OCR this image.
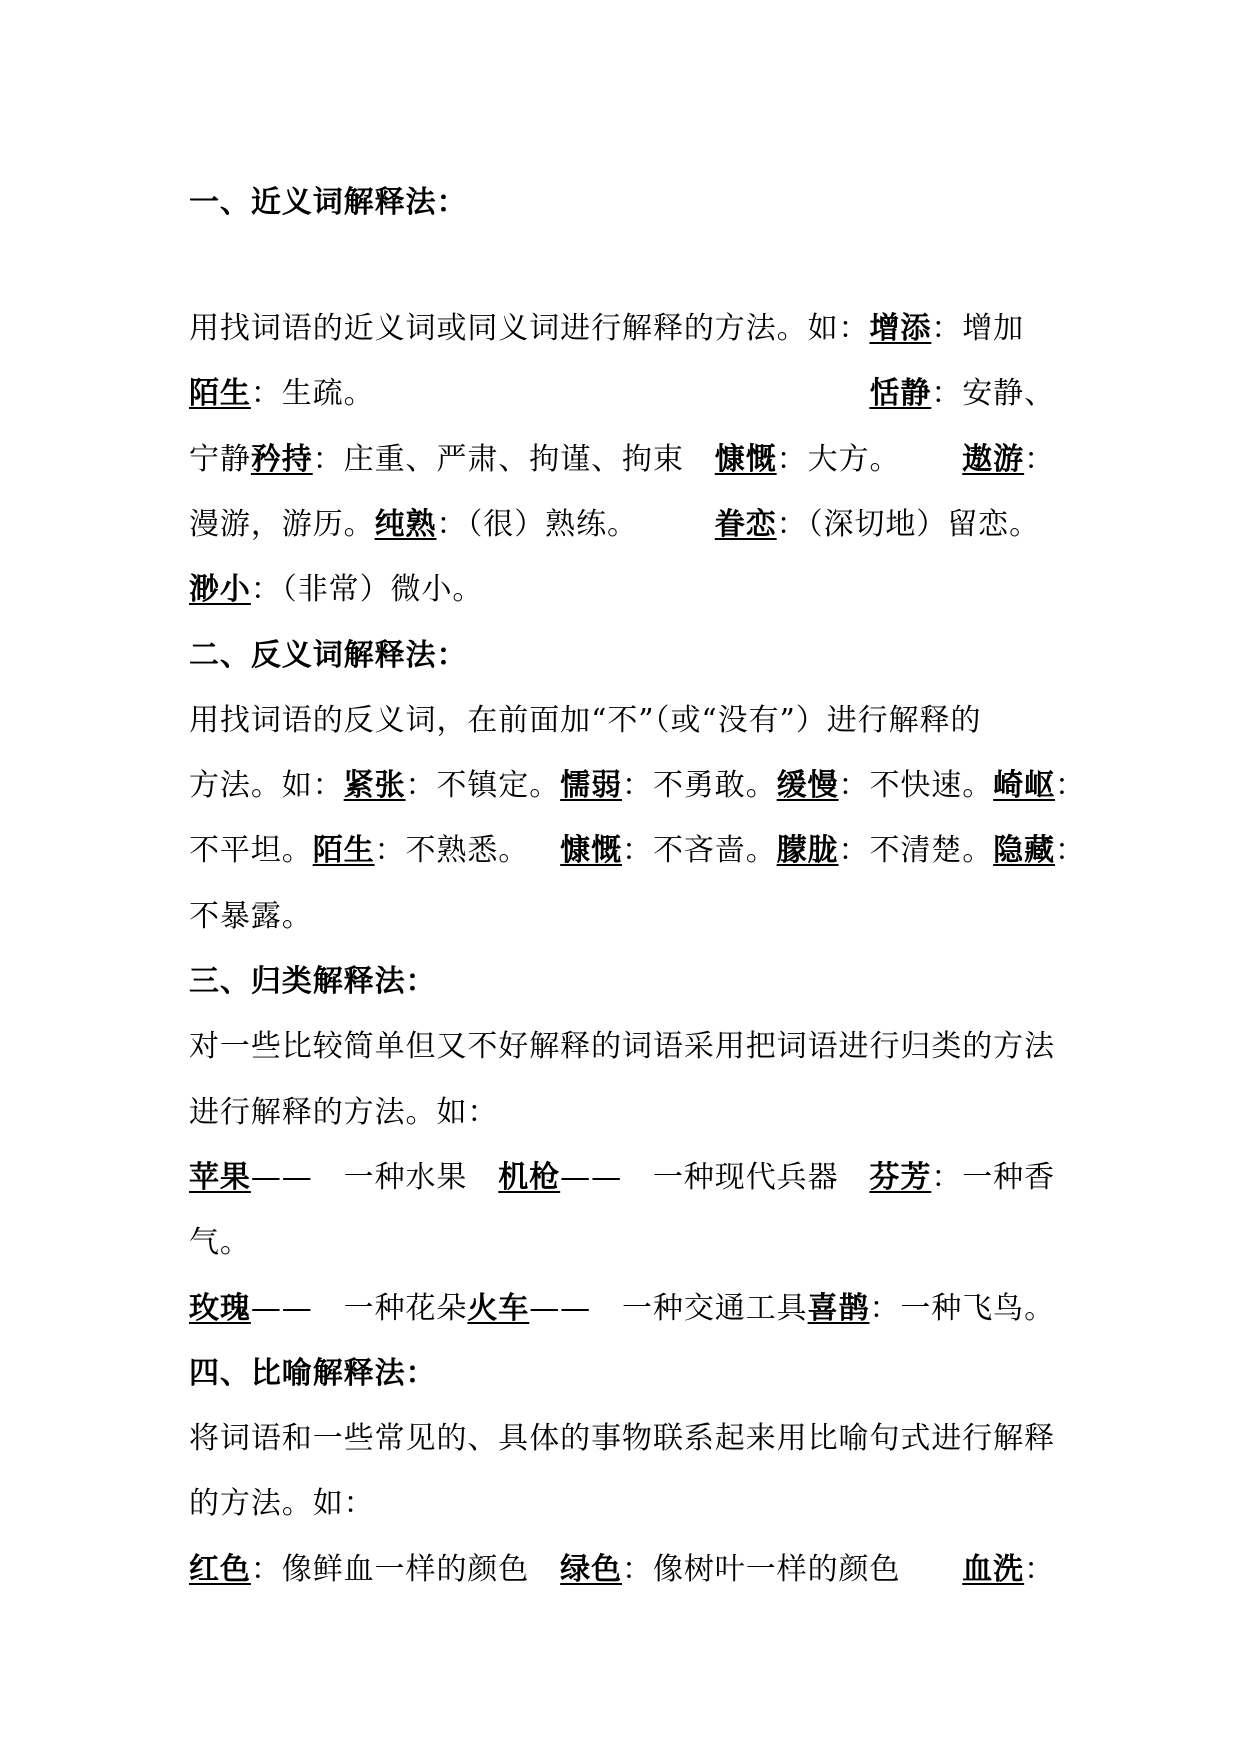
一、近义词解释法：
用找词语的近义词或同义词进行解释的方法。如： 增添 ：增加
陌生 ：生疏。	恬静 ：安静、
宁静 矜持 ：庄重、严肃、拘谨、拘束 慷慨 ：大方。 遨游 ：
漫游，游历。 纯熟 ：（很）熟练。	眷恋 ：（深切地）留恋。
渺小 ：（非常）微小。
二、反义词解释法：
用找词语的反义词，在前面加“不”（或“没有”）进行解释的
方法。如： 紧张 ：不镇定。 懦弱 ：不勇敢。 缓慢 ：不快速。 崎岖 ：
不平坦。 陌生 ：不熟悉。 慷慨 ：不吝啬。 朦胧 ：不清楚。 隐藏 ：
不暴露。
三、归类解释法：
对一些比较简单但又不好解释的词语采用把词语进行归类的方法
进行解释的方法。如：
苹果 —— 一种水果 机枪 —— 一种现代兵器 芬芳 ：一种香
气。
玫瑰 —— 一种花朵 火车 —— 一种交通工具 喜鹊 ：一种飞鸟。
四、比喻解释法：
将词语和一些常见的、具体的事物联系起来用比喻句式进行解释
的方法。如：
红色 ：像鲜血一样的颜色 绿色 ：像树叶一样的颜色 血洗 ：
